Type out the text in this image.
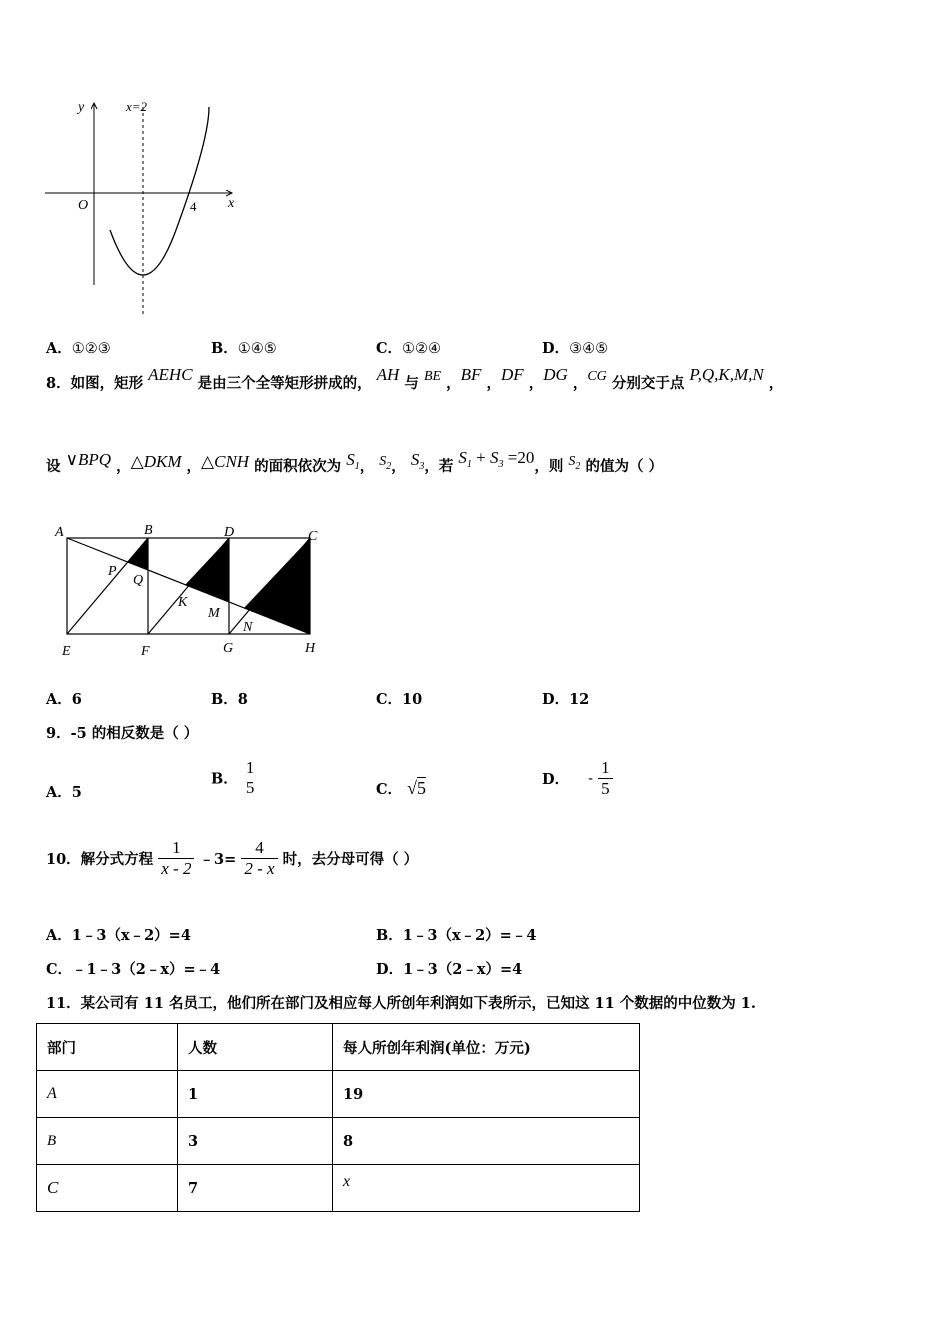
y
x
O
x=2
4
A．①②③	B．①④⑤	C．①②④	D．③④⑤
8．如图，矩形 AEHC 是由三个全等矩形拼成的， AH 与 BE ，BF ，DF ，DG ，CG 分别交于点 P,Q,K,M,N ，
设 ∨BPQ ，△DKM ，△CNH 的面积依次为 $S_1$， $S_2$， $S_3$，若 $S_1 + S_3 =20$，则 $S_2$ 的值为（ ）
A	B	D	C
P
Q
K
M
N
E	F	G	H
A．6	B．8	C．10	D．12
9．-5 的相反数是（ ）
A．5
B．
1
5	C． √5	D． - $\frac{1}{5}$
10．解分式方程 $\frac{1}{x - 2}$ ﹣3= $\frac{4}{2 - x}$ 时，去分母可得（ ）
A．1﹣3（x﹣2）=4	B．1﹣3（x﹣2）=﹣4
C．﹣1﹣3（2﹣x）=﹣4	D．1﹣3（2﹣x）=4
11．某公司有 11 名员工，他们所在部门及相应每人所创年利润如下表所示，已知这 11 个数据的中位数为 1.
部门	人数	每人所创年利润(单位：万元)
A	1	19
B	3	8
C	7	x
